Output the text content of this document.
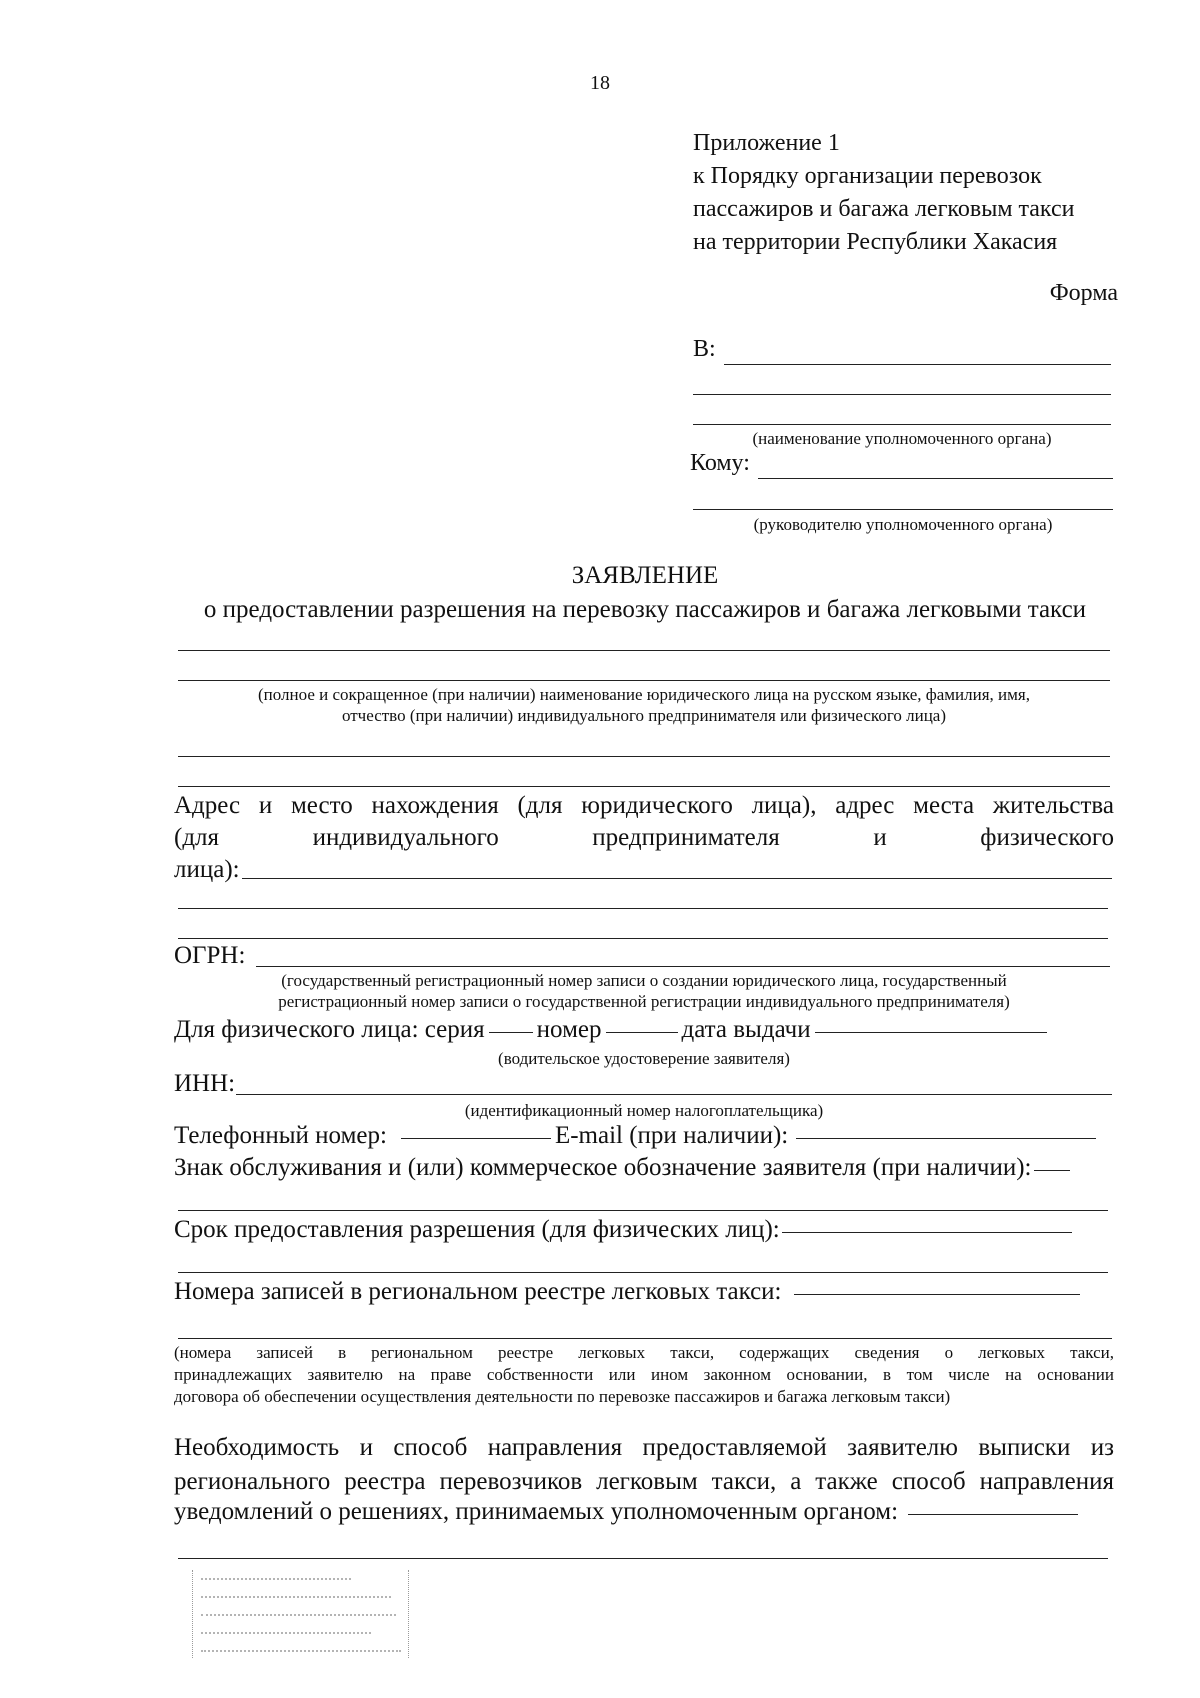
18
Приложение 1
к Порядку организации перевозок
пассажиров и багажа легковым такси
на территории Республики Хакасия
Форма
В:
(наименование уполномоченного органа)
Кому:
(руководителю уполномоченного органа)
ЗАЯВЛЕНИЕ
о предоставлении разрешения на перевозку пассажиров и багажа легковыми такси
(полное и сокращенное (при наличии) наименование юридического лица на русском языке, фамилия, имя,
отчество (при наличии) индивидуального предпринимателя или физического лица)
Адрес и место нахождения (для юридического лица), адрес места жительства
(для индивидуального предпринимателя и физического
лица):
ОГРН:
(государственный регистрационный номер записи о создании юридического лица, государственный
регистрационный номер записи о государственной регистрации индивидуального предпринимателя)
Для физического лица: серия номер	дата выдачи
(водительское удостоверение заявителя)
ИНН:
(идентификационный номер налогоплательщика)
Телефонный номер:	E-mail (при наличии):
Знак обслуживания и (или) коммерческое обозначение заявителя (при наличии):
Срок предоставления разрешения (для физических лиц):
Номера записей в региональном реестре легковых такси:
(номера записей в региональном реестре легковых такси, содержащих сведения о легковых такси,
принадлежащих заявителю на праве собственности или ином законном основании, в том числе на основании
договора об обеспечении осуществления деятельности по перевозке пассажиров и багажа легковым такси)
Необходимость и способ направления предоставляемой заявителю выписки из
регионального реестра перевозчиков легковым такси, а также способ направления
уведомлений о решениях, принимаемых уполномоченным органом:
